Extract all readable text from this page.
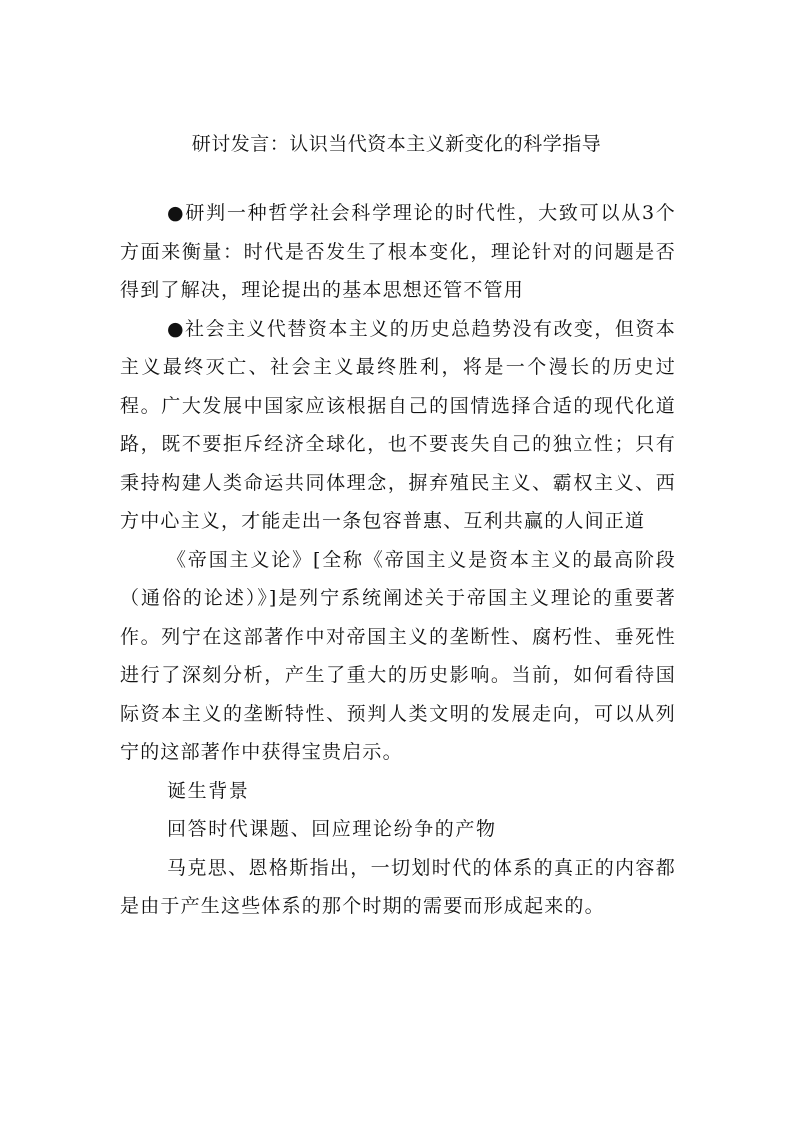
研讨发言：认识当代资本主义新变化的科学指导

●研判一种哲学社会科学理论的时代性，大致可以从3个方面来衡量：时代是否发生了根本变化，理论针对的问题是否得到了解决，理论提出的基本思想还管不管用

●社会主义代替资本主义的历史总趋势没有改变，但资本主义最终灭亡、社会主义最终胜利，将是一个漫长的历史过程。广大发展中国家应该根据自己的国情选择合适的现代化道路，既不要拒斥经济全球化，也不要丧失自己的独立性；只有秉持构建人类命运共同体理念，摒弃殖民主义、霸权主义、西方中心主义，才能走出一条包容普惠、互利共赢的人间正道

《帝国主义论》[全称《帝国主义是资本主义的最高阶段（通俗的论述）》]是列宁系统阐述关于帝国主义理论的重要著作。列宁在这部著作中对帝国主义的垄断性、腐朽性、垂死性进行了深刻分析，产生了重大的历史影响。当前，如何看待国际资本主义的垄断特性、预判人类文明的发展走向，可以从列宁的这部著作中获得宝贵启示。

诞生背景

回答时代课题、回应理论纷争的产物

马克思、恩格斯指出，一切划时代的体系的真正的内容都是由于产生这些体系的那个时期的需要而形成起来的。
